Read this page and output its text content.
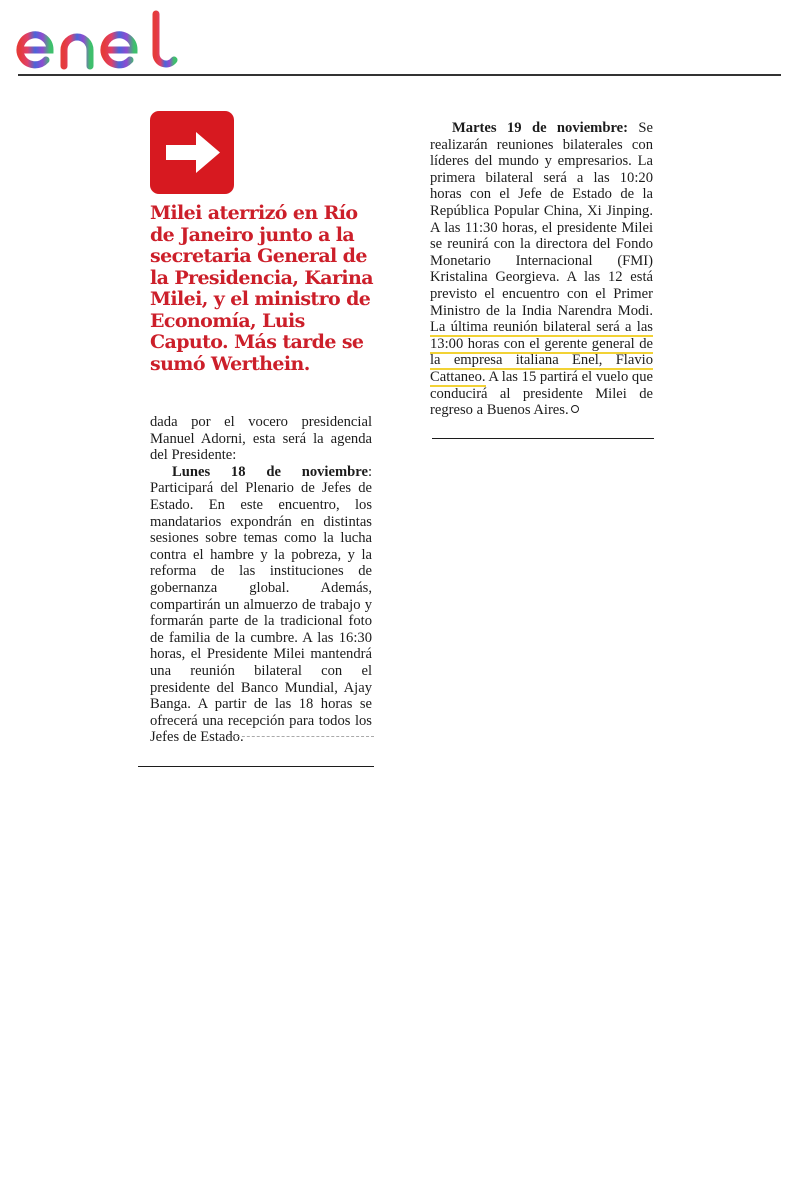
Milei aterrizó en Río de Janeiro junto a la secretaria General de la Presidencia, Karina Milei, y el ministro de Economía, Luis Caputo. Más tarde se sumó Werthein.

dada por el vocero presidencial Manuel Adorni, esta será la agenda del Presidente:

Lunes 18 de noviembre: Participará del Plenario de Jefes de Estado. En este encuentro, los mandatarios expondrán en distintas sesiones sobre temas como la lucha contra el hambre y la pobreza, y la reforma de las instituciones de gobernanza global. Además, compartirán un almuerzo de trabajo y formarán parte de la tradicional foto de familia de la cumbre. A las 16:30 horas, el Presidente Milei mantendrá una reunión bilateral con el presidente del Banco Mundial, Ajay Banga. A partir de las 18 horas se ofrecerá una recepción para todos los Jefes de Estado.

Martes 19 de noviembre: Se realizarán reuniones bilaterales con líderes del mundo y empresarios. La primera bilateral será a las 10:20 horas con el Jefe de Estado de la República Popular China, Xi Jinping. A las 11:30 horas, el presidente Milei se reunirá con la directora del Fondo Monetario Internacional (FMI) Kristalina Georgieva. A las 12 está previsto el encuentro con el Primer Ministro de la India Narendra Modi. La última reunión bilateral será a las 13:00 horas con el gerente general de la empresa italiana Enel, Flavio Cattaneo. A las 15 partirá el vuelo que conducirá al presidente Milei de regreso a Buenos Aires.
